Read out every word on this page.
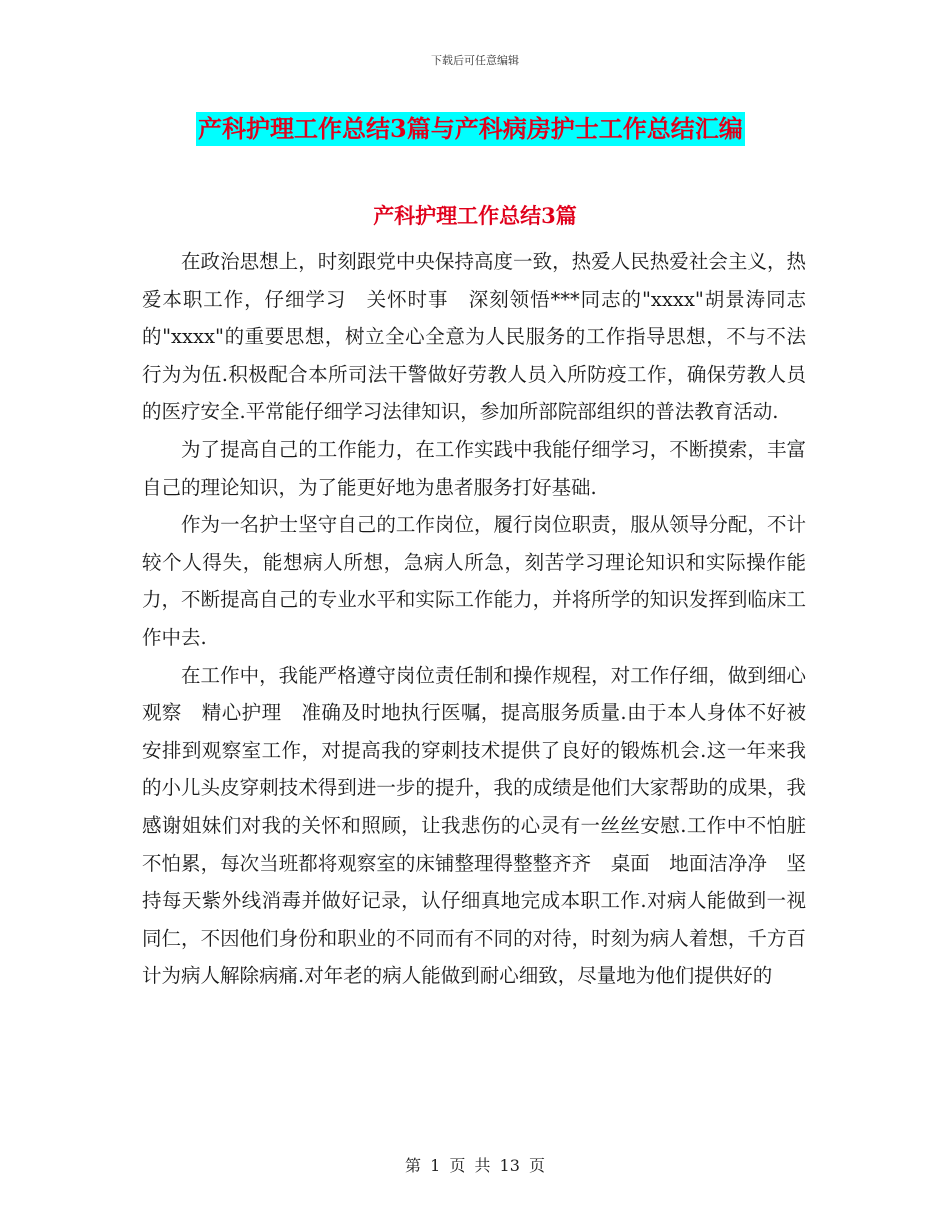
下载后可任意编辑
产科护理工作总结3篇与产科病房护士工作总结汇编
产科护理工作总结3篇

在政治思想上，时刻跟党中央保持高度一致，热爱人民热爱社会主义，热爱本职工作，仔细学习　关怀时事　深刻领悟***同志的"xxxx"胡景涛同志的"xxxx"的重要思想，树立全心全意为人民服务的工作指导思想，不与不法行为为伍.积极配合本所司法干警做好劳教人员入所防疫工作，确保劳教人员的医疗安全.平常能仔细学习法律知识，参加所部院部组织的普法教育活动.

为了提高自己的工作能力，在工作实践中我能仔细学习，不断摸索，丰富自己的理论知识，为了能更好地为患者服务打好基础.

作为一名护士坚守自己的工作岗位，履行岗位职责，服从领导分配，不计较个人得失，能想病人所想，急病人所急，刻苦学习理论知识和实际操作能力，不断提高自己的专业水平和实际工作能力，并将所学的知识发挥到临床工作中去.

在工作中，我能严格遵守岗位责任制和操作规程，对工作仔细，做到细心观察　精心护理　准确及时地执行医嘱，提高服务质量.由于本人身体不好被安排到观察室工作，对提高我的穿刺技术提供了良好的锻炼机会.这一年来我的小儿头皮穿刺技术得到进一步的提升，我的成绩是他们大家帮助的成果，我感谢姐妹们对我的关怀和照顾，让我悲伤的心灵有一丝丝安慰.工作中不怕脏不怕累，每次当班都将观察室的床铺整理得整整齐齐　桌面　地面洁净净　坚持每天紫外线消毒并做好记录，认仔细真地完成本职工作.对病人能做到一视同仁，不因他们身份和职业的不同而有不同的对待，时刻为病人着想，千方百计为病人解除病痛.对年老的病人能做到耐心细致，尽量地为他们提供好的

第 1 页 共 13 页
